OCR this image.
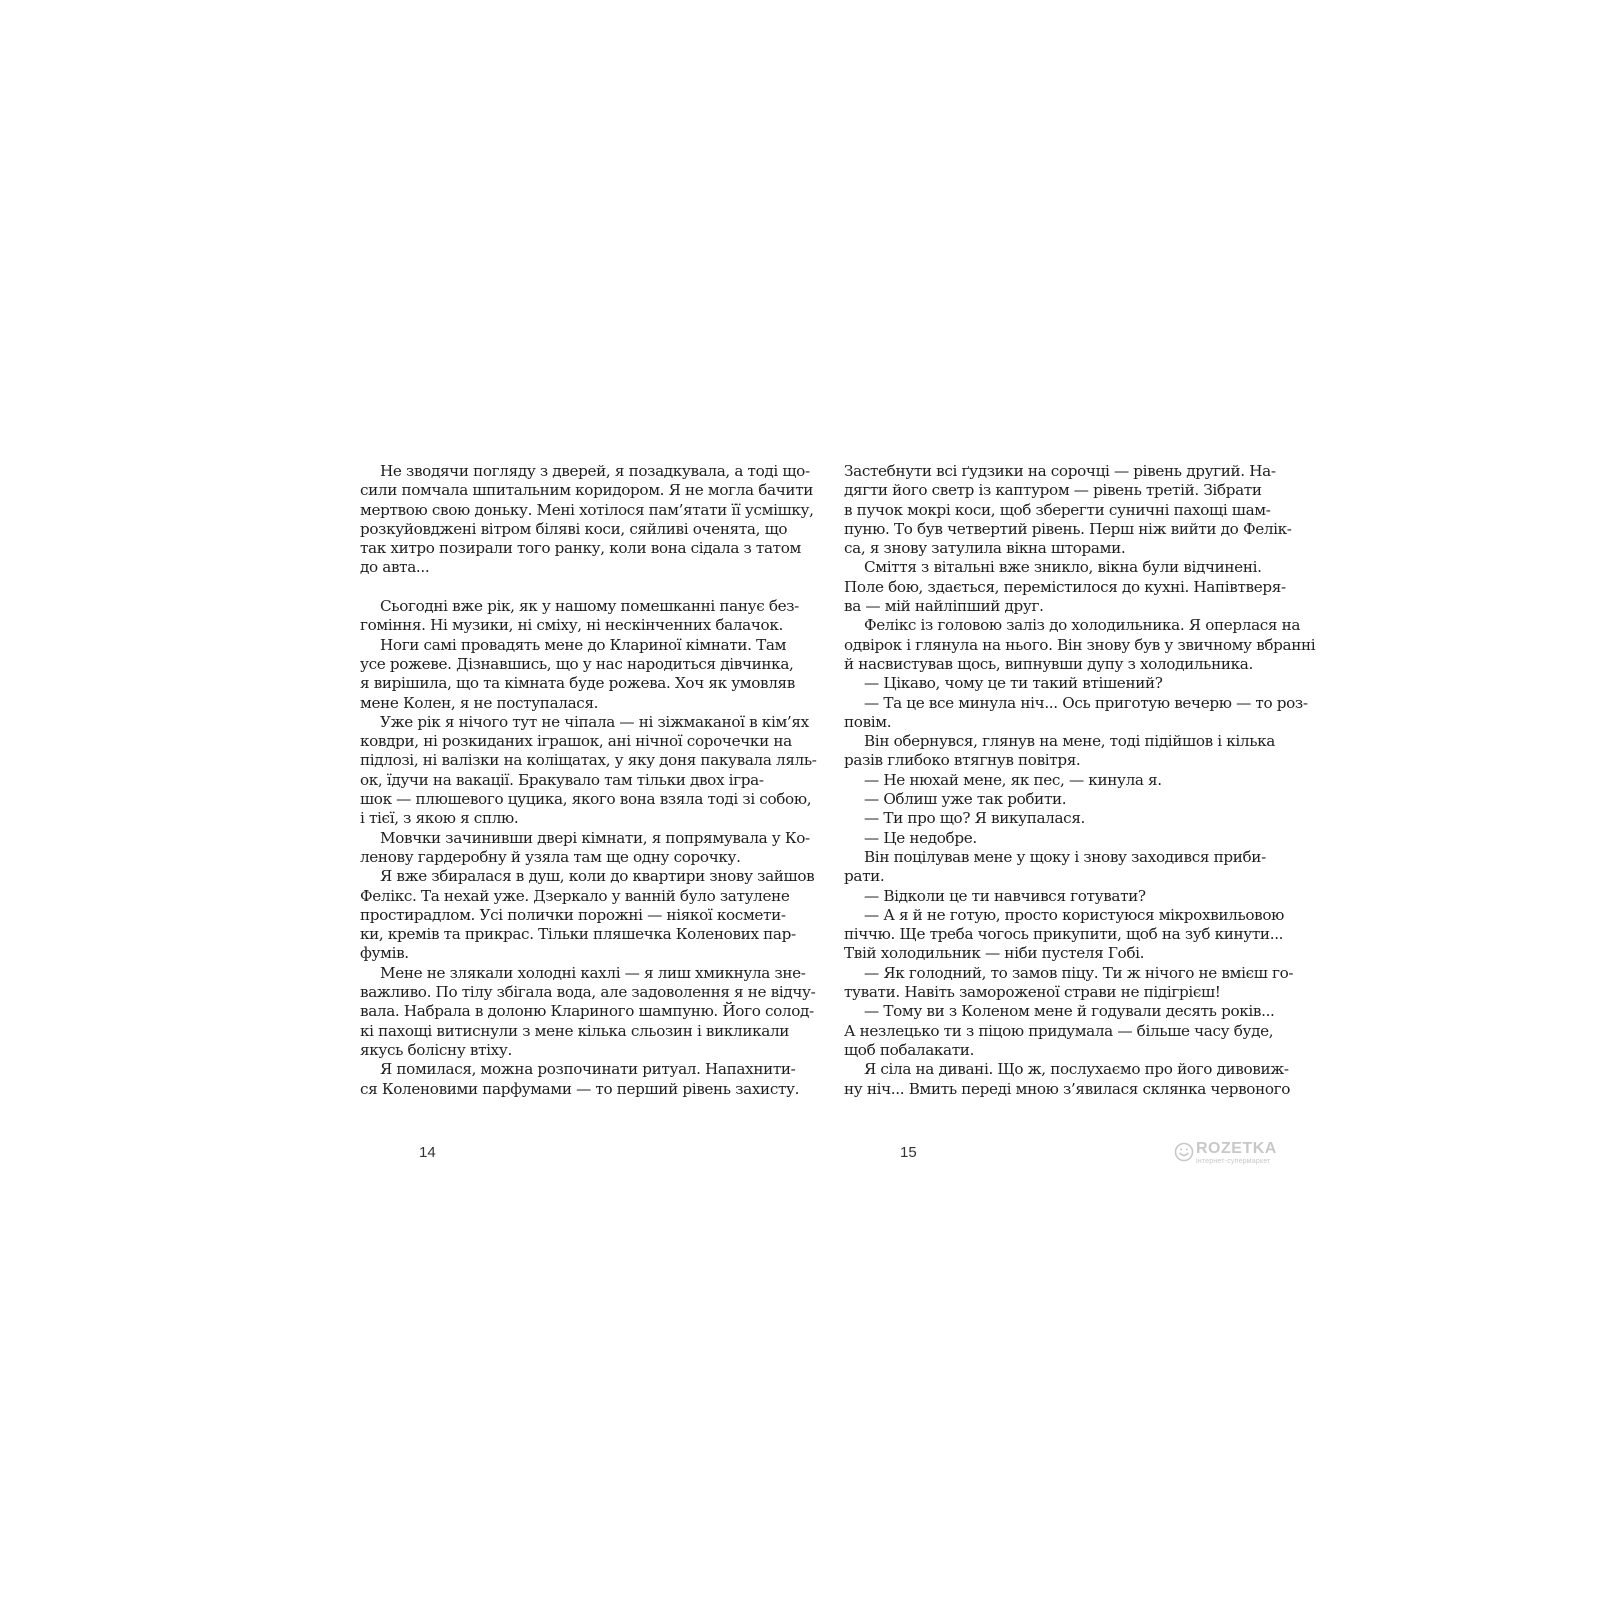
Не зводячи погляду з дверей, я позадкувала, а тоді що-
сили помчала шпитальним коридором. Я не могла бачити
мертвою свою доньку. Мені хотілося пам’ятати її усмішку,
розкуйовджені вітром біляві коси, сяйливі оченята, що
так хитро позирали того ранку, коли вона сідала з татом
до авта...
Сьогодні вже рік, як у нашому помешканні панує без-
гоміння. Ні музики, ні сміху, ні нескінченних балачок.
Ноги самі провадять мене до Клариної кімнати. Там
усе рожеве. Дізнавшись, що у нас народиться дівчинка,
я вирішила, що та кімната буде рожева. Хоч як умовляв
мене Колен, я не поступалася.
Уже рік я нічого тут не чіпала — ні зіжмаканої в кім’ях
ковдри, ні розкиданих іграшок, ані нічної сорочечки на
підлозі, ні валізки на коліщатах, у яку доня пакувала ляль-
ок, їдучи на вакації. Бракувало там тільки двох ігра-
шок — плюшевого цуцика, якого вона взяла тоді зі собою,
і тієї, з якою я сплю.
Мовчки зачинивши двері кімнати, я попрямувала у Ко-
ленову гардеробну й узяла там ще одну сорочку.
Я вже збиралася в душ, коли до квартири знову зайшов
Фелікс. Та нехай уже. Дзеркало у ванній було затулене
простирадлом. Усі полички порожні — ніякої космети-
ки, кремів та прикрас. Тільки пляшечка Коленових пар-
фумів.
Мене не злякали холодні кахлі — я лиш хмикнула зне-
важливо. По тілу збігала вода, але задоволення я не відчу-
вала. Набрала в долоню Клариного шампуню. Його солод-
кі пахощі витиснули з мене кілька сльозин і викликали
якусь болісну втіху.
Я помилася, можна розпочинати ритуал. Напахнити-
ся Коленовими парфумами — то перший рівень захисту.
Застебнути всі ґудзики на сорочці — рівень другий. На-
дягти його светр із каптуром — рівень третій. Зібрати
в пучок мокрі коси, щоб зберегти суничні пахощі шам-
пуню. То був четвертий рівень. Перш ніж вийти до Фелік-
са, я знову затулила вікна шторами.
Сміття з вітальні вже зникло, вікна були відчинені.
Поле бою, здається, перемістилося до кухні. Напівтверя-
ва — мій найліпший друг.
Фелікс із головою заліз до холодильника. Я оперлася на
одвірок і глянула на нього. Він знову був у звичному вбранні
й насвистував щось, випнувши дупу з холодильника.
— Цікаво, чому це ти такий втішений?
— Та це все минула ніч... Ось приготую вечерю — то роз-
повім.
Він обернувся, глянув на мене, тоді підійшов і кілька
разів глибоко втягнув повітря.
— Не нюхай мене, як пес, — кинула я.
— Облиш уже так робити.
— Ти про що? Я викупалася.
— Це недобре.
Він поцілував мене у щоку і знову заходився приби-
рати.
— Відколи це ти навчився готувати?
— А я й не готую, просто користуюся мікрохвильовою
піччю. Ще треба чогось прикупити, щоб на зуб кинути...
Твій холодильник — ніби пустеля Гобі.
— Як голодний, то замов піцу. Ти ж нічого не вмієш го-
тувати. Навіть замороженої страви не підігрієш!
— Тому ви з Коленом мене й годували десять років...
А незлецько ти з піцою придумала — більше часу буде,
щоб побалакати.
Я сіла на дивані. Що ж, послухаємо про його дивовиж-
ну ніч... Вмить переді мною з’явилася склянка червоного
14	15	ROZETKA
інтернет-супермаркет
